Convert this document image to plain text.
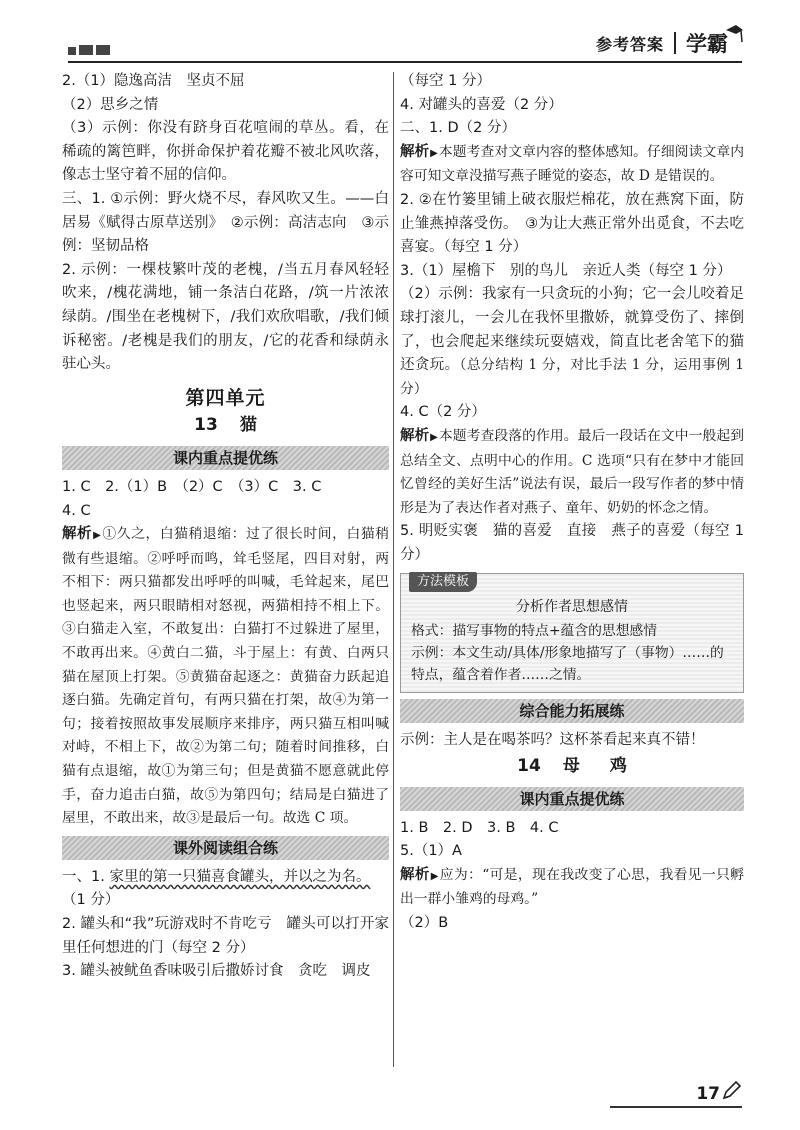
参考答案 学霸

2.（1）隐逸高洁　坚贞不屈

（2）思乡之情

（3）示例：你没有跻身百花喧闹的草丛。看，在稀疏的篱笆畔，你拼命保护着花瓣不被北风吹落，像志士坚守着不屈的信仰。

三、1. ①示例：野火烧不尽，春风吹又生。——白居易《赋得古原草送别》　②示例：高洁志向　③示例：坚韧品格

2. 示例：一棵枝繁叶茂的老槐，/当五月春风轻轻吹来，/槐花满地，铺一条洁白花路，/筑一片浓浓绿荫。/围坐在老槐树下，/我们欢欣唱歌，/我们倾诉秘密。/老槐是我们的朋友，/它的花香和绿荫永驻心头。

第四单元
13 猫
课内重点提优练

1. C　2.（1）B　（2）C　（3）C　3. C

4. C

解析▶①久之，白猫稍退缩：过了很长时间，白猫稍微有些退缩。②呼呼而鸣，耸毛竖尾，四目对射，两不相下：两只猫都发出呼呼的叫喊，毛耸起来，尾巴也竖起来，两只眼睛相对怒视，两猫相持不相上下。③白猫走入室，不敢复出：白猫打不过躲进了屋里，不敢再出来。④黄白二猫，斗于屋上：有黄、白两只猫在屋顶上打架。⑤黄猫奋起逐之：黄猫奋力跃起追逐白猫。先确定首句，有两只猫在打架，故④为第一句；接着按照故事发展顺序来排序，两只猫互相叫喊对峙，不相上下，故②为第二句；随着时间推移，白猫有点退缩，故①为第三句；但是黄猫不愿意就此停手，奋力追击白猫，故⑤为第四句；结局是白猫进了屋里，不敢出来，故③是最后一句。故选 C 项。

课外阅读组合练

一、1. 家里的第一只猫喜食罐头，并以之为名。

（1 分）

2. 罐头和“我”玩游戏时不肯吃亏　罐头可以打开家里任何想进的门（每空 2 分）

3. 罐头被鱿鱼香味吸引后撒娇讨食　贪吃　调皮

（每空 1 分）

4. 对罐头的喜爱（2 分）

二、1. D（2 分）

解析▶本题考查对文章内容的整体感知。仔细阅读文章内容可知文章没描写燕子睡觉的姿态，故 D 是错误的。

2. ②在竹篓里铺上破衣服烂棉花，放在燕窝下面，防止雏燕掉落受伤。　③为让大燕正常外出觅食，不去吃喜宴。（每空 1 分）

3.（1）屋檐下　别的鸟儿　亲近人类（每空 1 分）

（2）示例：我家有一只贪玩的小狗；它一会儿咬着足球打滚儿，一会儿在我怀里撒娇，就算受伤了、摔倒了，也会爬起来继续玩耍嬉戏，简直比老舍笔下的猫还贪玩。（总分结构 1 分，对比手法 1 分，运用事例 1 分）

4. C（2 分）

解析▶本题考查段落的作用。最后一段话在文中一般起到总结全文、点明中心的作用。C 选项“只有在梦中才能回忆曾经的美好生活”说法有误，最后一段写作者的梦中情形是为了表达作者对燕子、童年、奶奶的怀念之情。

5. 明贬实褒　猫的喜爱　直接　燕子的喜爱（每空 1 分）

方法模板
分析作者思想感情
格式：描写事物的特点+蕴含的思想感情
示例：本文生动/具体/形象地描写了（事物）……的特点，蕴含着作者……之情。
综合能力拓展练

示例：主人是在喝茶吗？这杯茶看起来真不错！

14 母 鸡
课内重点提优练

1. B　2. D　3. B　4. C

5.（1）A

解析▶应为：“可是，现在我改变了心思，我看见一只孵出一群小雏鸡的母鸡。”

（2）B

17
